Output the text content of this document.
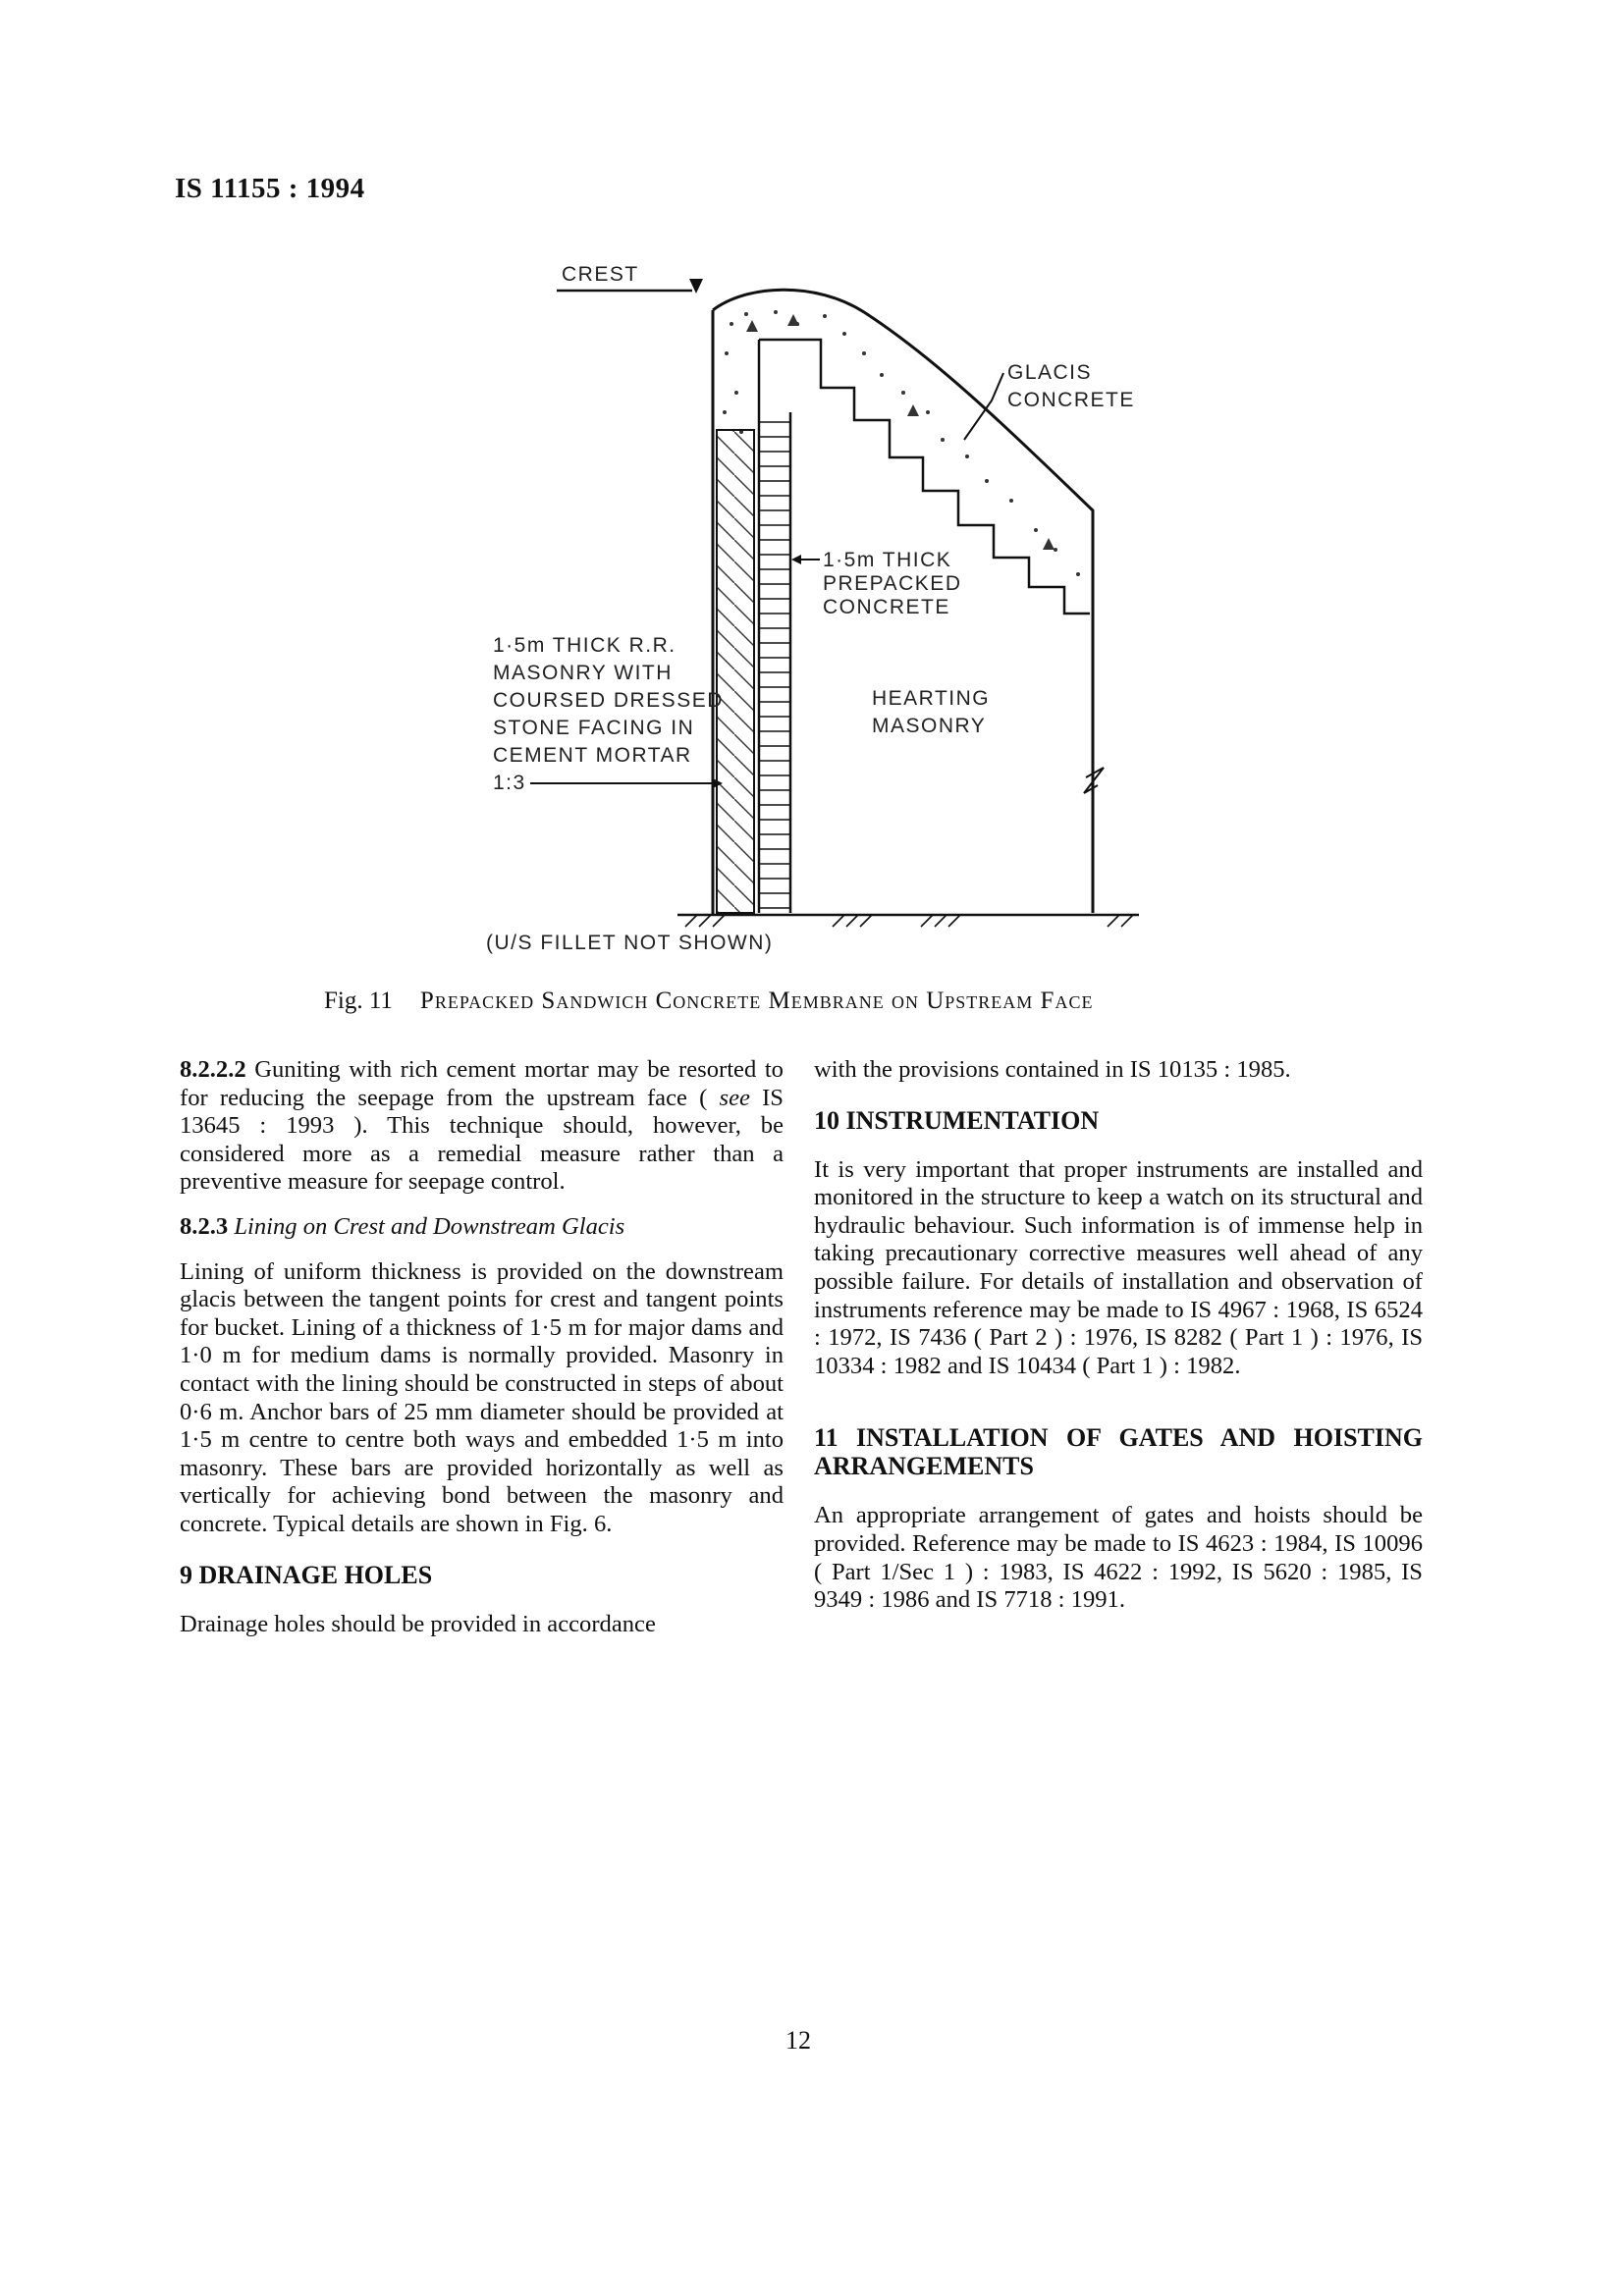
IS 11155 : 1994
CREST
GLACIS
CONCRETE
1·5m THICK
PREPACKED
CONCRETE
HEARTING
MASONRY
1·5m THICK R.R.
MASONRY WITH
COURSED DRESSED
STONE FACING IN
CEMENT MORTAR
1:3
(U/S FILLET NOT SHOWN)
Fig. 11 Prepacked Sandwich Concrete Membrane on Upstream Face

8.2.2.2 Guniting with rich cement mortar may be resorted to for reducing the seepage from the upstream face ( see IS 13645 : 1993 ). This technique should, however, be considered more as a remedial measure rather than a preventive measure for seepage control.

8.2.3 Lining on Crest and Downstream Glacis

Lining of uniform thickness is provided on the downstream glacis between the tangent points for crest and tangent points for bucket. Lining of a thickness of 1·5 m for major dams and 1·0 m for medium dams is normally provided. Masonry in contact with the lining should be constructed in steps of about 0·6 m. Anchor bars of 25 mm diameter should be provided at 1·5 m centre to centre both ways and embedded 1·5 m into masonry. These bars are provided horizontally as well as vertically for achieving bond between the masonry and concrete. Typical details are shown in Fig. 6.

9 DRAINAGE HOLES

Drainage holes should be provided in accordance

with the provisions contained in IS 10135 : 1985.

10 INSTRUMENTATION

It is very important that proper instruments are installed and monitored in the structure to keep a watch on its structural and hydraulic behaviour. Such information is of immense help in taking precautionary corrective measures well ahead of any possible failure. For details of installation and observation of instruments reference may be made to IS 4967 : 1968, IS 6524 : 1972, IS 7436 ( Part 2 ) : 1976, IS 8282 ( Part 1 ) : 1976, IS 10334 : 1982 and IS 10434 ( Part 1 ) : 1982.

11 INSTALLATION OF GATES AND HOISTING ARRANGEMENTS

An appropriate arrangement of gates and hoists should be provided. Reference may be made to IS 4623 : 1984, IS 10096 ( Part 1/Sec 1 ) : 1983, IS 4622 : 1992, IS 5620 : 1985, IS 9349 : 1986 and IS 7718 : 1991.

12
